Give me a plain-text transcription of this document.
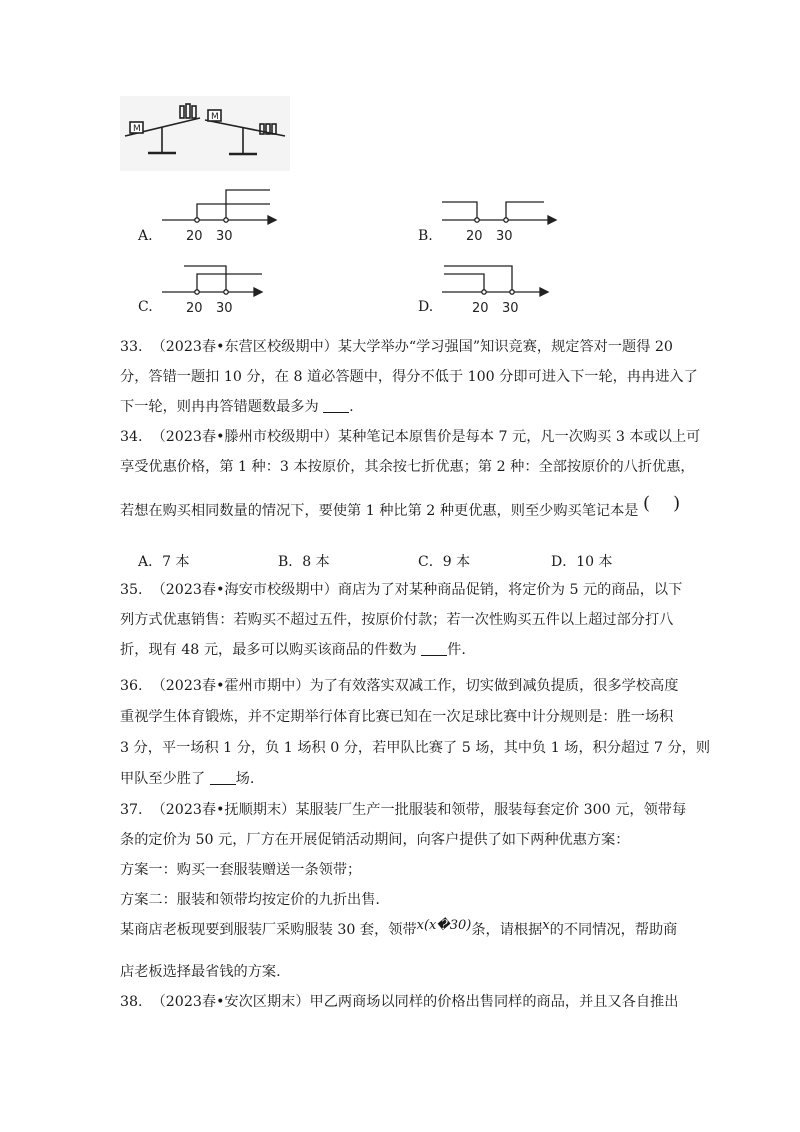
M
M
A.	20 30	B.	20 30
C.	20 30	D.	20 30
33.  （2023春•东营区校级期中）某大学举办“学习强国”知识竞赛，规定答对一题得 20
分，答错一题扣 10 分，在 8 道必答题中，得分不低于 100 分即可进入下一轮，冉冉进入了
下一轮，则冉冉答错题数最多为 .
34.  （2023春•滕州市校级期中）某种笔记本原售价是每本 7 元，凡一次购买 3 本或以上可
享受优惠价格，第 1 种：3 本按原价，其余按七折优惠；第 2 种：全部按原价的八折优惠，
若想在购买相同数量的情况下，要使第 1 种比第 2 种更优惠，则至少购买笔记本是 ( )
A．7 本	B．8 本	C．9 本	D．10 本
35.  （2023春•海安市校级期中）商店为了对某种商品促销，将定价为 5 元的商品，以下
列方式优惠销售：若购买不超过五件，按原价付款；若一次性购买五件以上超过部分打八
折，现有 48 元，最多可以购买该商品的件数为 件.
36.  （2023春•霍州市期中）为了有效落实双减工作，切实做到减负提质，很多学校高度
重视学生体育锻炼，并不定期举行体育比赛已知在一次足球比赛中计分规则是：胜一场积
3 分，平一场积 1 分，负 1 场积 0 分，若甲队比赛了 5 场，其中负 1 场，积分超过 7 分，则
甲队至少胜了 场.
37.  （2023春•抚顺期末）某服装厂生产一批服装和领带，服装每套定价 300 元，领带每
条的定价为 50 元，厂方在开展促销活动期间，向客户提供了如下两种优惠方案：
方案一：购买一套服装赠送一条领带；
方案二：服装和领带均按定价的九折出售.
某商店老板现要到服装厂采购服装 30 套，领带x(x�30)条，请根据x的不同情况，帮助商
店老板选择最省钱的方案.
38.  （2023春•安次区期末）甲乙两商场以同样的价格出售同样的商品，并且又各自推出
